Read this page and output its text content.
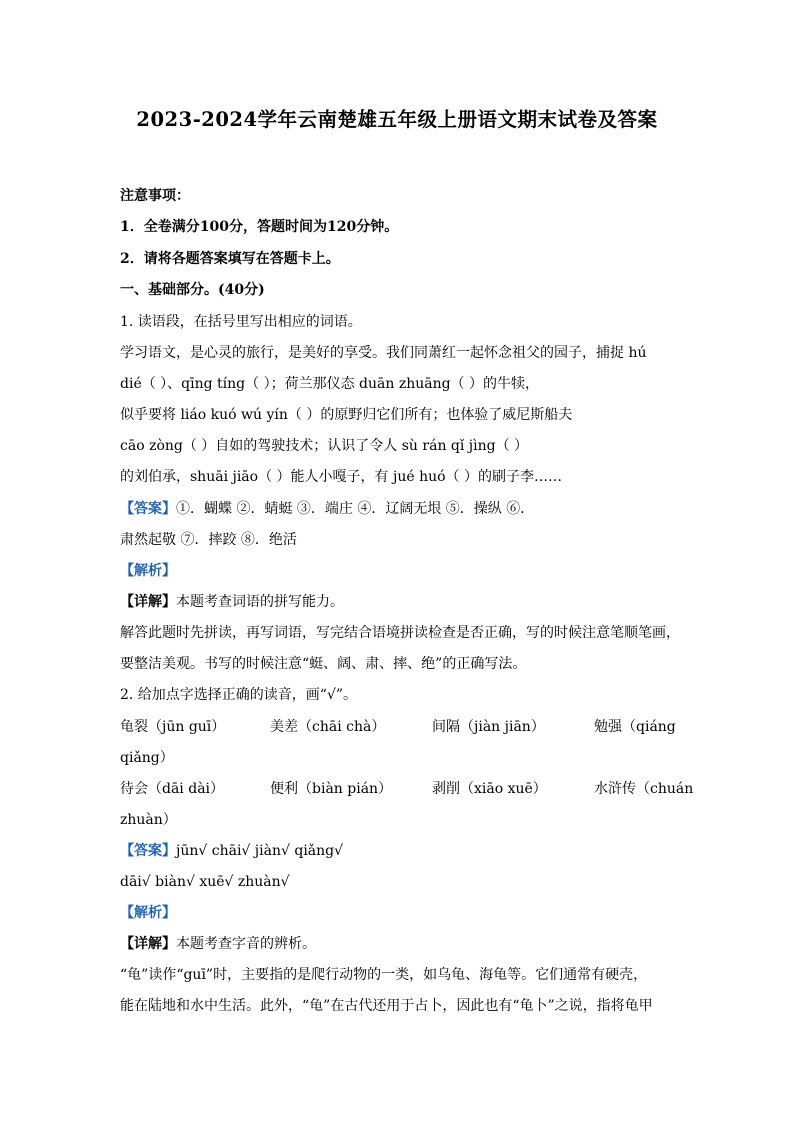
2023-2024学年云南楚雄五年级上册语文期末试卷及答案
注意事项：
1．全卷满分100分，答题时间为120分钟。
2．请将各题答案填写在答题卡上。
一、基础部分。(40分)
1. 读语段，在括号里写出相应的词语。
学习语文，是心灵的旅行，是美好的享受。我们同萧红一起怀念祖父的园子，捕捉 hú
dié（ ）、qīng tíng（ ）；荷兰那仪态 duān zhuāng（ ）的牛犊，
似乎要将 liáo kuó wú yín（ ）的原野归它们所有；也体验了威尼斯船夫
cāo zòng（ ）自如的驾驶技术；认识了令人 sù rán qǐ jìng（ ）
的刘伯承，shuāi jiāo（ ）能人小嘎子，有 jué huó（ ）的刷子李……
【答案】①．蝴蝶 ②．蜻蜓 ③．端庄 ④．辽阔无垠 ⑤．操纵 ⑥．
肃然起敬 ⑦．摔跤 ⑧．绝活
【解析】
【详解】本题考查词语的拼写能力。
解答此题时先拼读，再写词语，写完结合语境拼读检查是否正确，写的时候注意笔顺笔画，
要整洁美观。书写的时候注意“蜓、阔、肃、摔、绝”的正确写法。
2. 给加点字选择正确的读音，画“√”。
龟裂（jūn guī）	美差（chāi chà）	间隔（jiàn jiān）	勉强（qiáng
qiǎng）
待会（dāi dài）	便利（biàn pián）	剥削（xiāo xuē）	水浒传（chuán
zhuàn）
【答案】jūn√ chāi√ jiàn√ qiǎng√
dāi√ biàn√ xuē√ zhuàn√
【解析】
【详解】本题考查字音的辨析。
“龟”读作“guī”时，主要指的是爬行动物的一类，如乌龟、海龟等。它们通常有硬壳，
能在陆地和水中生活。此外，“龟”在古代还用于占卜，因此也有“龟卜”之说，指将龟甲
